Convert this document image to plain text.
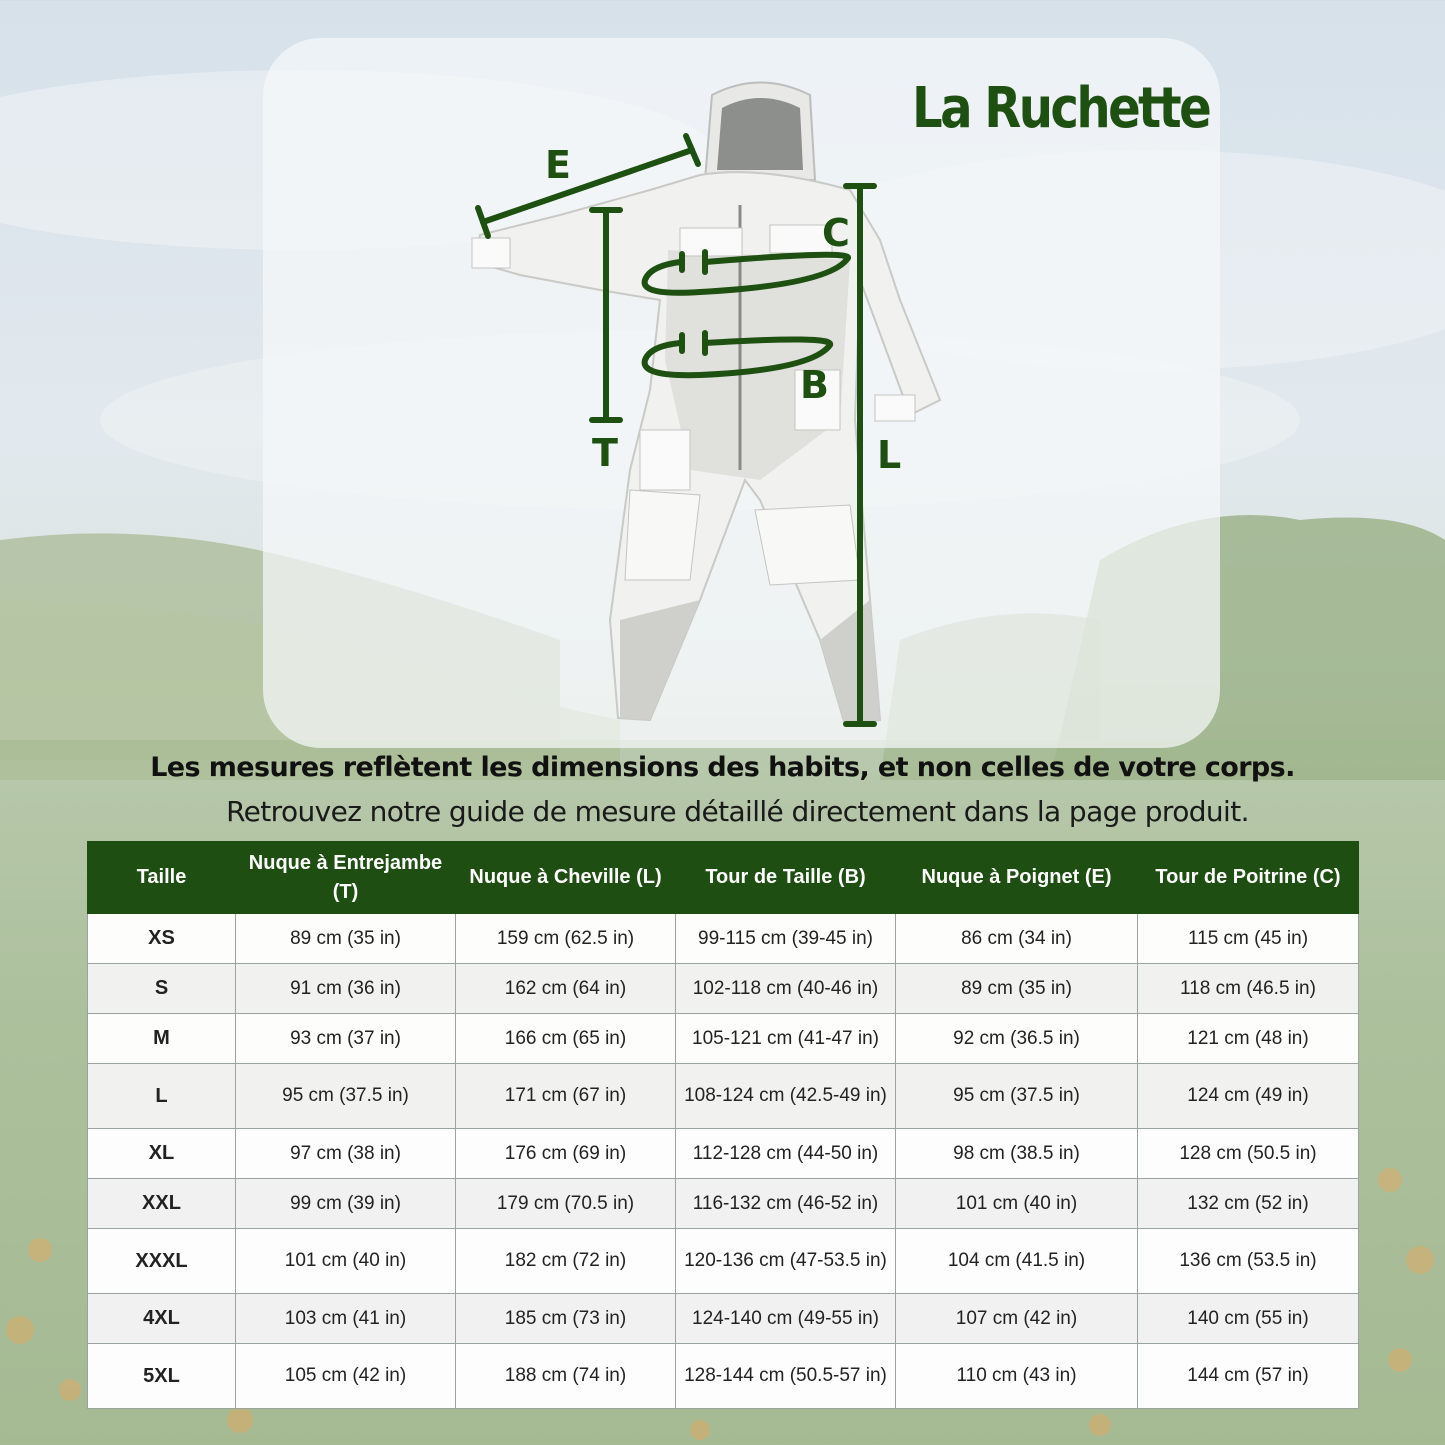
La Ruchette
E
C
B
T	L
Les mesures reflètent les dimensions des habits, et non celles de votre corps.
Retrouvez notre guide de mesure détaillé directement dans la page produit.
Taille	Nuque à Entrejambe (T)	Nuque à Cheville (L)	Tour de Taille (B)	Nuque à Poignet (E)	Tour de Poitrine (C)
XS	89 cm (35 in)	159 cm (62.5 in)	99-115 cm (39-45 in)	86 cm (34 in)	115 cm (45 in)
S	91 cm (36 in)	162 cm (64 in)	102-118 cm (40-46 in)	89 cm (35 in)	118 cm (46.5 in)
M	93 cm (37 in)	166 cm (65 in)	105-121 cm (41-47 in)	92 cm (36.5 in)	121 cm (48 in)
L	95 cm (37.5 in)	171 cm (67 in)	108-124 cm (42.5-49 in)	95 cm (37.5 in)	124 cm (49 in)
XL	97 cm (38 in)	176 cm (69 in)	112-128 cm (44-50 in)	98 cm (38.5 in)	128 cm (50.5 in)
XXL	99 cm (39 in)	179 cm (70.5 in)	116-132 cm (46-52 in)	101 cm (40 in)	132 cm (52 in)
XXXL	101 cm (40 in)	182 cm (72 in)	120-136 cm (47-53.5 in)	104 cm (41.5 in)	136 cm (53.5 in)
4XL	103 cm (41 in)	185 cm (73 in)	124-140 cm (49-55 in)	107 cm (42 in)	140 cm (55 in)
5XL	105 cm (42 in)	188 cm (74 in)	128-144 cm (50.5-57 in)	110 cm (43 in)	144 cm (57 in)
